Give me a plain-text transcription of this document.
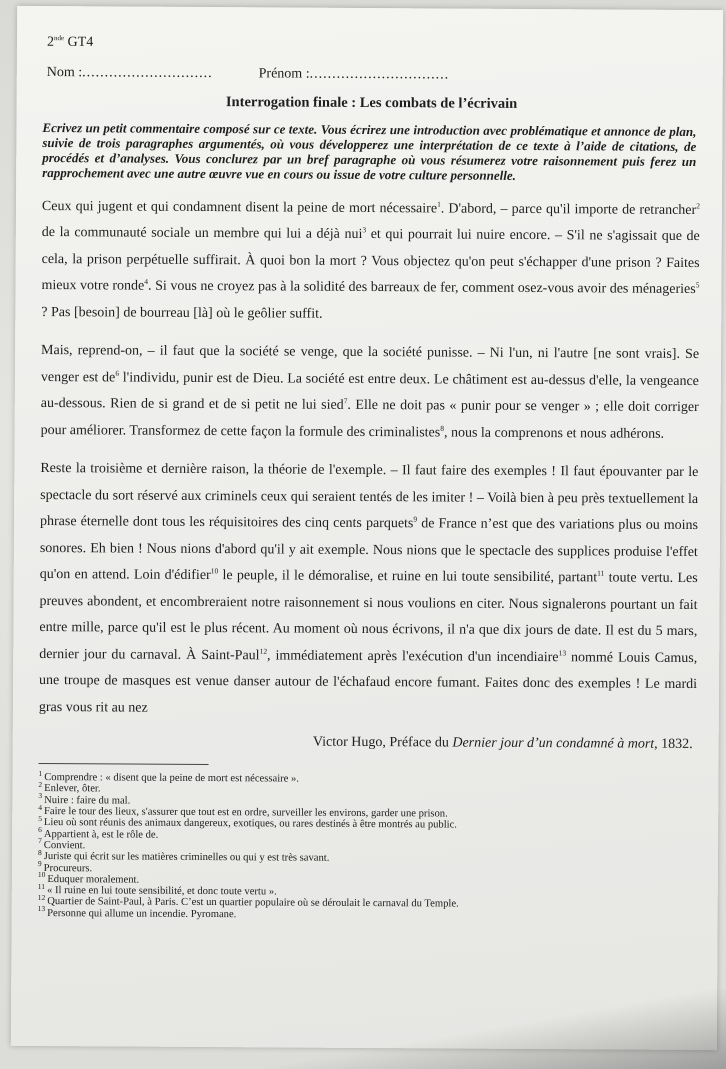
2nde GT4

Nom :.............................	Prénom :...............................

Interrogation finale : Les combats de l’écrivain

Ecrivez un petit commentaire composé sur ce texte. Vous écrirez une introduction avec problématique et annonce de plan, suivie de trois paragraphes argumentés, où vous développerez une interprétation de ce texte à l’aide de citations, de procédés et d’analyses. Vous conclurez par un bref paragraphe où vous résumerez votre raisonnement puis ferez un rapprochement avec une autre œuvre vue en cours ou issue de votre culture personnelle.

Ceux qui jugent et qui condamnent disent la peine de mort nécessaire$^1$. D'abord, – parce qu'il importe de retrancher$^2$ de la communauté sociale un membre qui lui a déjà nui$^3$ et qui pourrait lui nuire encore. – S'il ne s'agissait que de cela, la prison perpétuelle suffirait. À quoi bon la mort ? Vous objectez qu'on peut s'échapper d'une prison ? Faites mieux votre ronde$^4$. Si vous ne croyez pas à la solidité des barreaux de fer, comment osez-vous avoir des ménageries$^5$ ? Pas [besoin] de bourreau [là] où le geôlier suffit.

Mais, reprend-on, – il faut que la société se venge, que la société punisse. – Ni l'un, ni l'autre [ne sont vrais]. Se venger est $de^6$ l'individu, punir est de Dieu. La société est entre deux. Le châtiment est au-dessus d'elle, la vengeance au-dessous. Rien de si grand et de si petit ne lui sied$^7$. Elle ne doit pas « punir pour se venger » ; elle doit corriger pour améliorer. Transformez de cette façon la formule des criminalistes$^8$, nous la comprenons et nous adhérons.

Reste la troisième et dernière raison, la théorie de l'exemple. – Il faut faire des exemples ! Il faut épouvanter par le spectacle du sort réservé aux criminels ceux qui seraient tentés de les imiter ! – Voilà bien à peu près textuellement la phrase éternelle dont tous les réquisitoires des cinq cents parquets$^9$ de France n’est que des variations plus ou moins sonores. Eh bien ! Nous nions d'abord qu'il y ait exemple. Nous nions que le spectacle des supplices produise l'effet qu'on en attend. Loin d'édifier$^{10}$ le peuple, il le démoralise, et ruine en lui toute sensibilité, partant$^{11}$ toute vertu. Les preuves abondent, et encombreraient notre raisonnement si nous voulions en citer. Nous signalerons pourtant un fait entre mille, parce qu'il est le plus récent. Au moment où nous écrivons, il n'a que dix jours de date. Il est du 5 mars, dernier jour du carnaval. À Saint-Paul$^{12}$, immédiatement après l'exécution d'un incendiaire$^{13}$ nommé Louis Camus, une troupe de masques est venue danser autour de l'échafaud encore fumant. Faites donc des exemples ! Le mardi gras vous rit au nez

Victor Hugo, Préface du Dernier jour d’un condamné à mort, 1832.

$^1$ Comprendre : « disent que la peine de mort est nécessaire ».

$^2$ Enlever, ôter.

$^3$ Nuire : faire du mal.

$^4$ Faire le tour des lieux, s'assurer que tout est en ordre, surveiller les environs, garder une prison.

$^5$ Lieu où sont réunis des animaux dangereux, exotiques, ou rares destinés à être montrés au public.

$^6$ Appartient à, est le rôle de.

$^7$ Convient.

$^8$ Juriste qui écrit sur les matières criminelles ou qui y est très savant.

$^9$ Procureurs.

$^{10}$ Eduquer moralement.

$^{11}$ « Il ruine en lui toute sensibilité, et donc toute vertu ».

$^{12}$ Quartier de Saint-Paul, à Paris. C’est un quartier populaire où se déroulait le carnaval du Temple.

$^{13}$ Personne qui allume un incendie. Pyromane.
